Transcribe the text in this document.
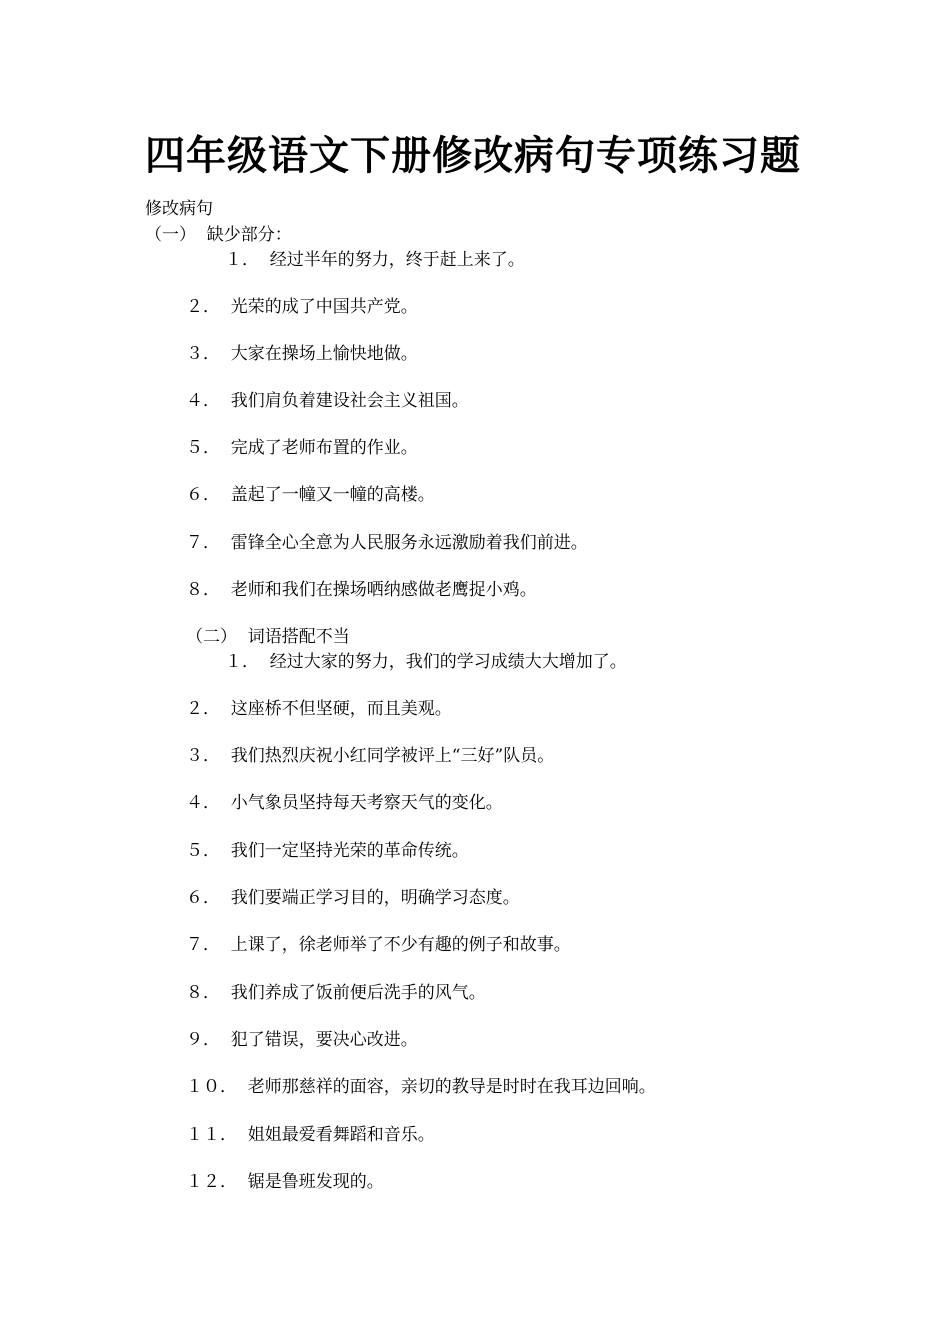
四年级语文下册修改病句专项练习题
修改病句
（一）  缺少部分：
１．  经过半年的努力，终于赶上来了。
２．  光荣的成了中国共产党。
３．  大家在操场上愉快地做。
４．  我们肩负着建设社会主义祖国。
５．  完成了老师布置的作业。
６．  盖起了一幢又一幢的高楼。
７．  雷锋全心全意为人民服务永远激励着我们前进。
８．  老师和我们在操场哂纳感做老鹰捉小鸡。
（二）  词语搭配不当
１．  经过大家的努力，我们的学习成绩大大增加了。
２．  这座桥不但坚硬，而且美观。
３．  我们热烈庆祝小红同学被评上“三好”队员。
４．  小气象员坚持每天考察天气的变化。
５．  我们一定坚持光荣的革命传统。
６．  我们要端正学习目的，明确学习态度。
７．  上课了，徐老师举了不少有趣的例子和故事。
８．  我们养成了饭前便后洗手的风气。
９．  犯了错误，要决心改进。
１０．  老师那慈祥的面容，亲切的教导是时时在我耳边回响。
１１．  姐姐最爱看舞蹈和音乐。
１２．  锯是鲁班发现的。
